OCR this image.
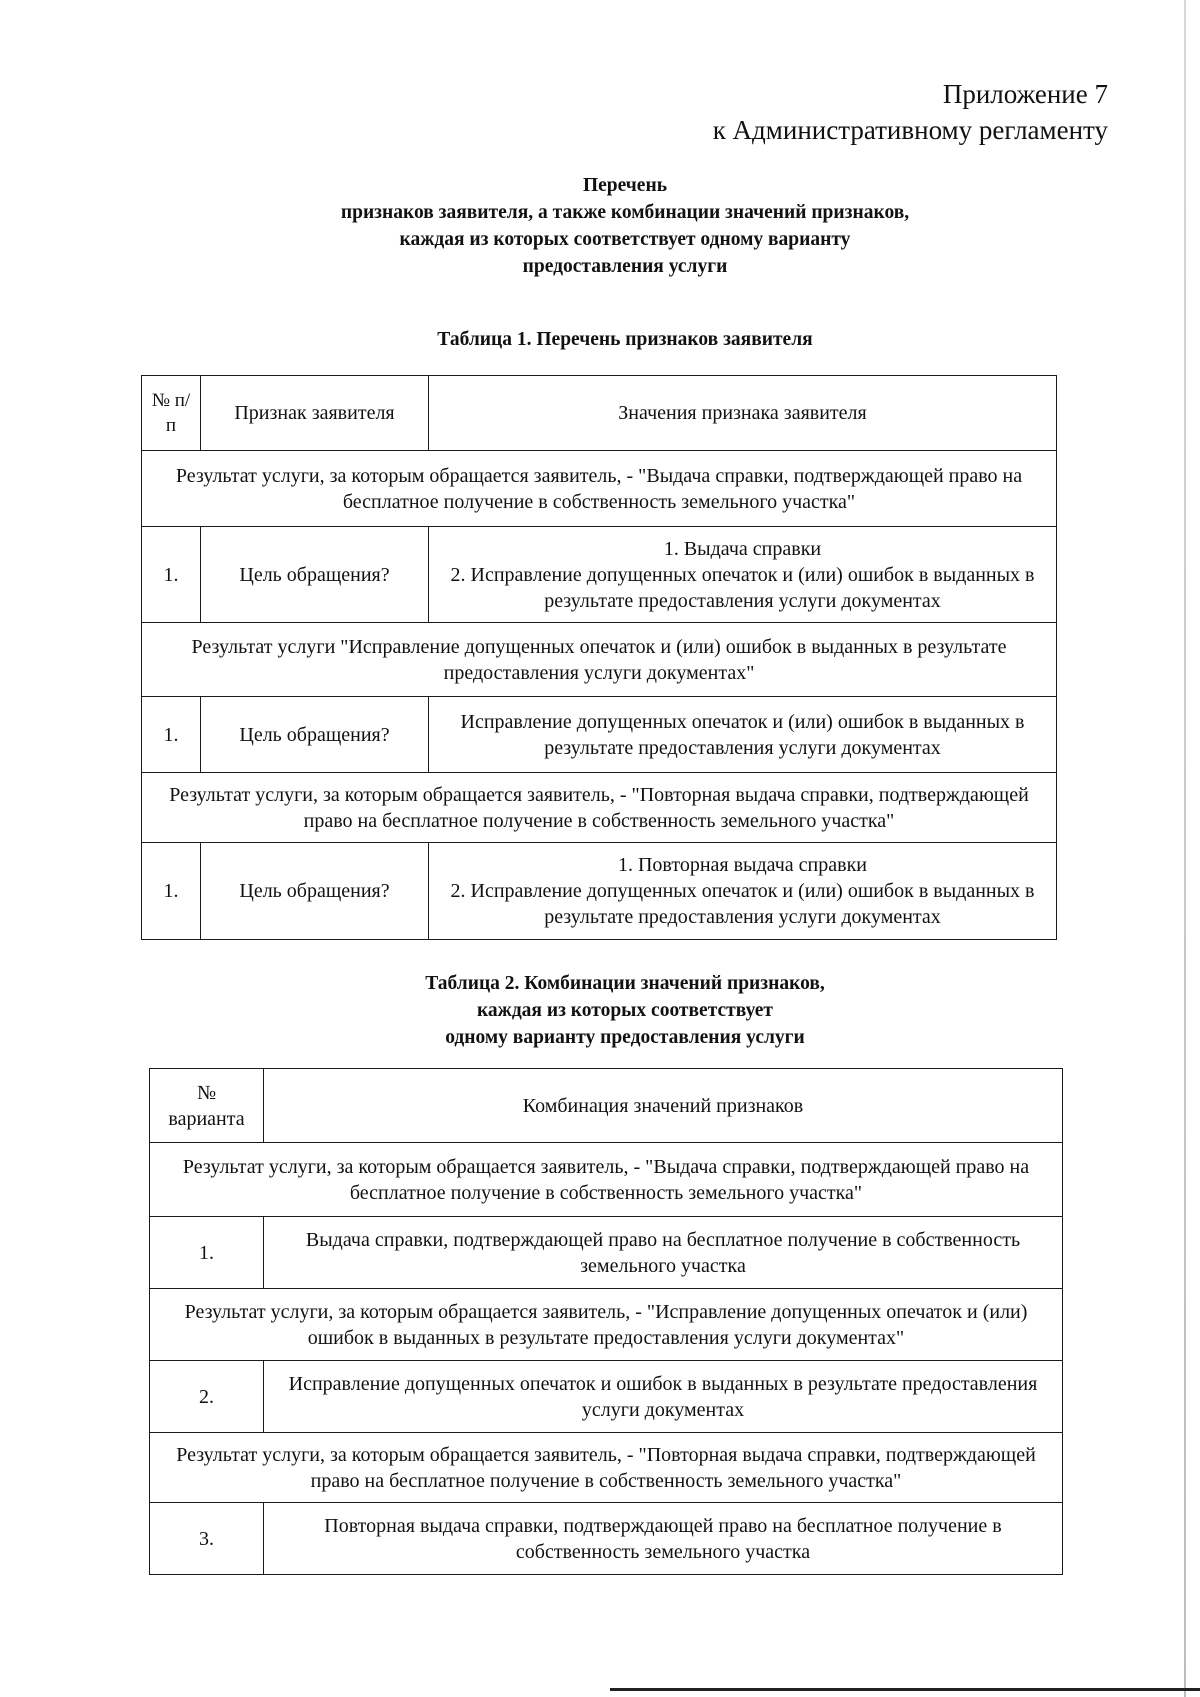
Приложение 7
к Административному регламенту
Перечень
признаков заявителя, а также комбинации значений признаков,
каждая из которых соответствует одному варианту
предоставления услуги
Таблица 1. Перечень признаков заявителя
№ п/п	Признак заявителя	Значения признака заявителя
Результат услуги, за которым обращается заявитель, - "Выдача справки, подтверждающей право на бесплатное получение в собственность земельного участка"		
1.	Цель обращения?	1. Выдача справки
2. Исправление допущенных опечаток и (или) ошибок в выданных в результате предоставления услуги документах

Результат услуги "Исправление допущенных опечаток и (или) ошибок в выданных в результате предоставления услуги документах"		
1.	Цель обращения?	Исправление допущенных опечаток и (или) ошибок в выданных в результате предоставления услуги документах

Результат услуги, за которым обращается заявитель, - "Повторная выдача справки, подтверждающей право на бесплатное получение в собственность земельного участка"		
1.	Цель обращения?	1. Повторная выдача справки
2. Исправление допущенных опечаток и (или) ошибок в выданных в результате предоставления услуги документах
Таблица 2. Комбинации значений признаков,
каждая из которых соответствует
одному варианту предоставления услуги
№ варианта	Комбинация значений признаков
Результат услуги, за которым обращается заявитель, - "Выдача справки, подтверждающей право на бесплатное получение в собственность земельного участка"	
1.	Выдача справки, подтверждающей право на бесплатное получение в собственность земельного участка
Результат услуги, за которым обращается заявитель, - "Исправление допущенных опечаток и (или) ошибок в выданных в результате предоставления услуги документах"	
2.	Исправление допущенных опечаток и ошибок в выданных в результате предоставления услуги документах
Результат услуги, за которым обращается заявитель, - "Повторная выдача справки, подтверждающей право на бесплатное получение в собственность земельного участка"	
3.	Повторная выдача справки, подтверждающей право на бесплатное получение в собственность земельного участка
